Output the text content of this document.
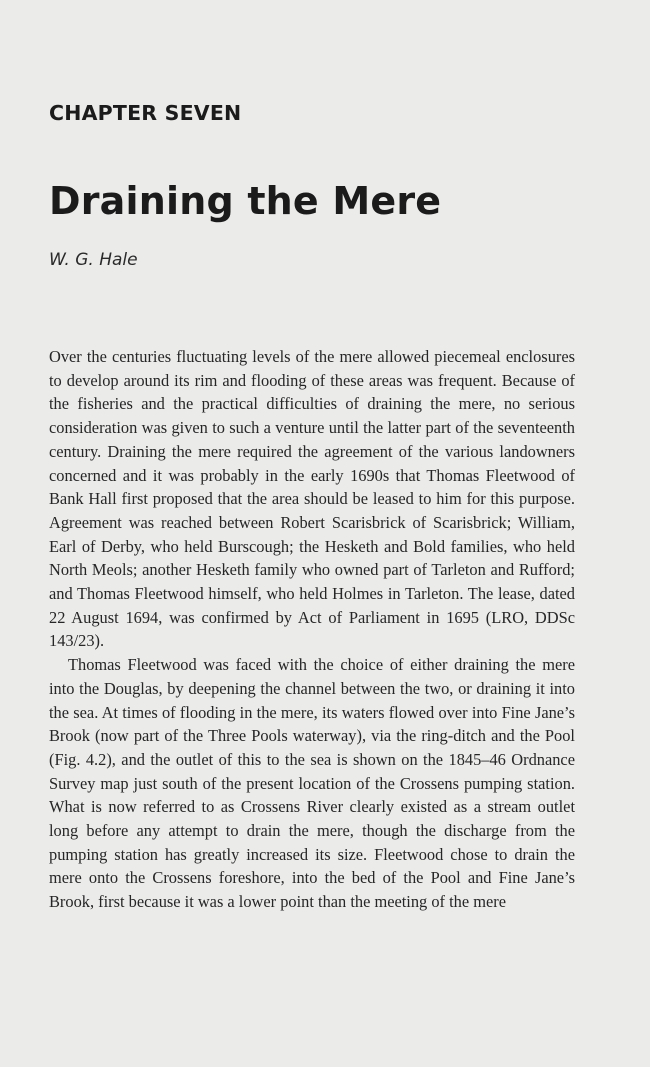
CHAPTER SEVEN
Draining the Mere
W. G. Hale

Over the centuries fluctuating levels of the mere allowed piecemeal enclosures to develop around its rim and flooding of these areas was frequent. Because of the fisheries and the practical difficulties of draining the mere, no serious consideration was given to such a venture until the latter part of the seventeenth century. Draining the mere required the agreement of the various landowners concerned and it was probably in the early 1690s that Thomas Fleetwood of Bank Hall first proposed that the area should be leased to him for this purpose. Agreement was reached between Robert Scarisbrick of Scarisbrick; William, Earl of Derby, who held Burscough; the Hesketh and Bold families, who held North Meols; another Hesketh family who owned part of Tarleton and Rufford; and Thomas Fleetwood himself, who held Holmes in Tarleton. The lease, dated 22 August 1694, was confirmed by Act of Parliament in 1695 (LRO, DDSc 143/23).

Thomas Fleetwood was faced with the choice of either draining the mere into the Douglas, by deepening the channel between the two, or draining it into the sea. At times of flooding in the mere, its waters flowed over into Fine Jane’s Brook (now part of the Three Pools waterway), via the ring-ditch and the Pool (Fig. 4.2), and the outlet of this to the sea is shown on the 1845–46 Ordnance Survey map just south of the present location of the Crossens pumping station. What is now referred to as Crossens River clearly existed as a stream outlet long before any attempt to drain the mere, though the discharge from the pumping station has greatly increased its size. Fleetwood chose to drain the mere onto the Crossens foreshore, into the bed of the Pool and Fine Jane’s Brook, first because it was a lower point than the meeting of the mere
